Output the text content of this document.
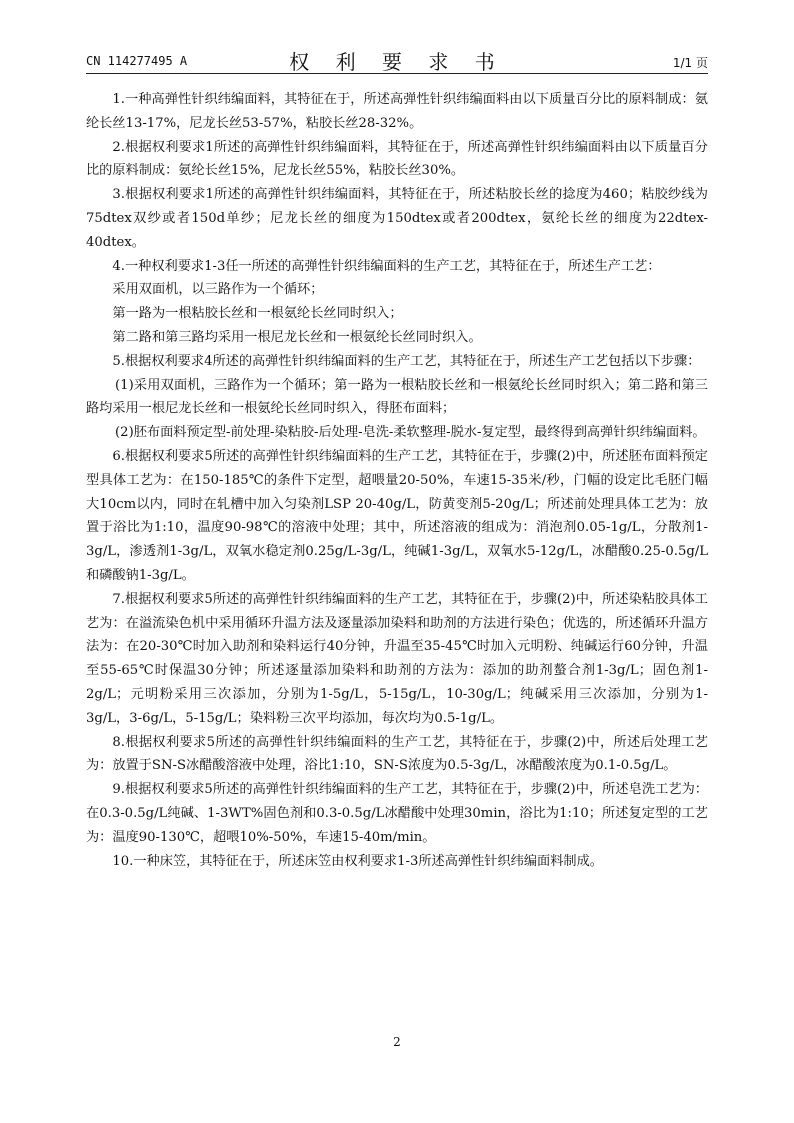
CN 114277495 A	权 利 要 求 书	1/1 页

1.一种高弹性针织纬编面料，其特征在于，所述高弹性针织纬编面料由以下质量百分比的原料制成：氨纶长丝13-17%，尼龙长丝53-57%，粘胶长丝28-32%。

2.根据权利要求1所述的高弹性针织纬编面料，其特征在于，所述高弹性针织纬编面料由以下质量百分比的原料制成：氨纶长丝15%，尼龙长丝55%，粘胶长丝30%。

3.根据权利要求1所述的高弹性针织纬编面料，其特征在于，所述粘胶长丝的捻度为460；粘胶纱线为75dtex双纱或者150d单纱；尼龙长丝的细度为150dtex或者200dtex，氨纶长丝的细度为22dtex-40dtex。

4.一种权利要求1-3任一所述的高弹性针织纬编面料的生产工艺，其特征在于，所述生产工艺：

采用双面机，以三路作为一个循环；

第一路为一根粘胶长丝和一根氨纶长丝同时织入；

第二路和第三路均采用一根尼龙长丝和一根氨纶长丝同时织入。

5.根据权利要求4所述的高弹性针织纬编面料的生产工艺，其特征在于，所述生产工艺包括以下步骤：

(1)采用双面机，三路作为一个循环；第一路为一根粘胶长丝和一根氨纶长丝同时织入；第二路和第三路均采用一根尼龙长丝和一根氨纶长丝同时织入，得胚布面料；

(2)胚布面料预定型-前处理-染粘胶-后处理-皂洗-柔软整理-脱水-复定型，最终得到高弹针织纬编面料。

6.根据权利要求5所述的高弹性针织纬编面料的生产工艺，其特征在于，步骤(2)中，所述胚布面料预定型具体工艺为：在150-185℃的条件下定型，超喂量20-50%，车速15-35米/秒，门幅的设定比毛胚门幅大10cm以内，同时在轧槽中加入匀染剂LSP 20-40g/L，防黄变剂5-20g/L；所述前处理具体工艺为：放置于浴比为1:10，温度90-98℃的溶液中处理；其中，所述溶液的组成为：消泡剂0.05-1g/L，分散剂1-3g/L，渗透剂1-3g/L，双氧水稳定剂0.25g/L-3g/L，纯碱1-3g/L，双氧水5-12g/L，冰醋酸0.25-0.5g/L和磷酸钠1-3g/L。

7.根据权利要求5所述的高弹性针织纬编面料的生产工艺，其特征在于，步骤(2)中，所述染粘胶具体工艺为：在溢流染色机中采用循环升温方法及逐量添加染料和助剂的方法进行染色；优选的，所述循环升温方法为：在20-30℃时加入助剂和染料运行40分钟，升温至35-45℃时加入元明粉、纯碱运行60分钟，升温至55-65℃时保温30分钟；所述逐量添加染料和助剂的方法为：添加的助剂螯合剂1-3g/L；固色剂1-2g/L；元明粉采用三次添加，分别为1-5g/L，5-15g/L，10-30g/L；纯碱采用三次添加，分别为1-3g/L，3-6g/L，5-15g/L；染料粉三次平均添加，每次均为0.5-1g/L。

8.根据权利要求5所述的高弹性针织纬编面料的生产工艺，其特征在于，步骤(2)中，所述后处理工艺为：放置于SN-S冰醋酸溶液中处理，浴比1:10，SN-S浓度为0.5-3g/L，冰醋酸浓度为0.1-0.5g/L。

9.根据权利要求5所述的高弹性针织纬编面料的生产工艺，其特征在于，步骤(2)中，所述皂洗工艺为：在0.3-0.5g/L纯碱、1-3WT%固色剂和0.3-0.5g/L冰醋酸中处理30min，浴比为1:10；所述复定型的工艺为：温度90-130℃，超喂10%-50%，车速15-40m/min。

10.一种床笠，其特征在于，所述床笠由权利要求1-3所述高弹性针织纬编面料制成。

2
